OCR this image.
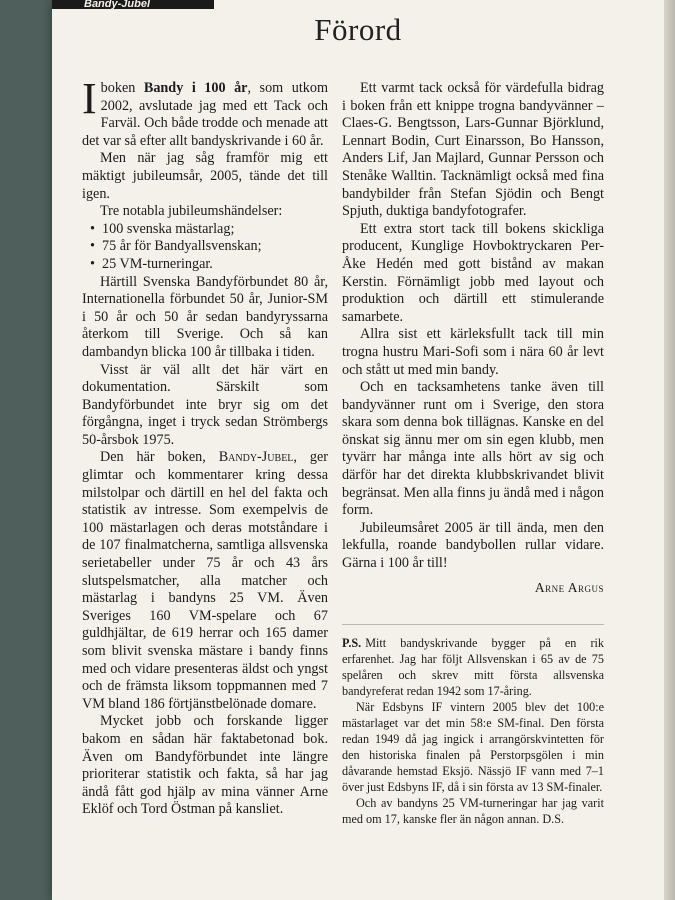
Bandy-Jubel
Förord

I boken Bandy i 100 år, som utkom 2002, avslutade jag med ett Tack och Farväl. Och både trodde och menade att det var så efter allt bandyskrivande i 60 år.

Men när jag såg framför mig ett mäktigt jubileumsår, 2005, tände det till igen.

Tre notabla jubileumshändelser:

• 100 svenska mästarlag;
• 75 år för Bandyallsvenskan;
• 25 VM-turneringar.

Härtill Svenska Bandyförbundet 80 år, Internationella förbundet 50 år, Junior-SM i 50 år och 50 år sedan bandyryssarna återkom till Sverige. Och så kan dambandyn blicka 100 år tillbaka i tiden.

Visst är väl allt det här värt en dokumentation. Särskilt som Bandyförbundet inte bryr sig om det förgångna, inget i tryck sedan Strömbergs 50-årsbok 1975.

Den här boken, Bandy-Jubel, ger glimtar och kommentarer kring dessa milstolpar och därtill en hel del fakta och statistik av intresse. Som exempelvis de 100 mästarlagen och deras motståndare i de 107 finalmatcherna, samtliga allsvenska serietabeller under 75 år och 43 års slutspelsmatcher, alla matcher och mästarlag i bandyns 25 VM. Även Sveriges 160 VM-spelare och 67 guldhjältar, de 619 herrar och 165 damer som blivit svenska mästare i bandy finns med och vidare presenteras äldst och yngst och de främsta liksom toppmannen med 7 VM bland 186 förtjänstbelönade domare.

Mycket jobb och forskande ligger bakom en sådan här faktabetonad bok. Även om Bandyförbundet inte längre prioriterar statistik och fakta, så har jag ändå fått god hjälp av mina vänner Arne Eklöf och Tord Östman på kansliet.

Ett varmt tack också för värdefulla bidrag i boken från ett knippe trogna bandyvänner – Claes-G. Bengtsson, Lars-Gunnar Björklund, Lennart Bodin, Curt Einarsson, Bo Hansson, Anders Lif, Jan Majlard, Gunnar Persson och Stenåke Walltin. Tacknämligt också med fina bandybilder från Stefan Sjödin och Bengt Spjuth, duktiga bandyfotografer.

Ett extra stort tack till bokens skickliga producent, Kunglige Hovboktryckaren Per-Åke Hedén med gott bistånd av makan Kerstin. Förnämligt jobb med layout och produktion och därtill ett stimulerande samarbete.

Allra sist ett kärleksfullt tack till min trogna hustru Mari-Sofi som i nära 60 år levt och stått ut med min bandy.

Och en tacksamhetens tanke även till bandyvänner runt om i Sverige, den stora skara som denna bok tillägnas. Kanske en del önskat sig ännu mer om sin egen klubb, men tyvärr har många inte alls hört av sig och därför har det direkta klubbskrivandet blivit begränsat. Men alla finns ju ändå med i någon form.

Jubileumsåret 2005 är till ända, men den lekfulla, roande bandybollen rullar vidare. Gärna i 100 år till!

Arne Argus

P.S. Mitt bandyskrivande bygger på en rik erfarenhet. Jag har följt Allsvenskan i 65 av de 75 spelåren och skrev mitt första allsvenska bandyreferat redan 1942 som 17-åring.

När Edsbyns IF vintern 2005 blev det 100:e mästarlaget var det min 58:e SM-final. Den första redan 1949 då jag ingick i arrangörskvintetten för den historiska finalen på Perstorpsgölen i min dåvarande hemstad Eksjö. Nässjö IF vann med 7–1 över just Edsbyns IF, då i sin första av 13 SM-finaler.

Och av bandyns 25 VM-turneringar har jag varit med om 17, kanske fler än någon annan. D.S.
